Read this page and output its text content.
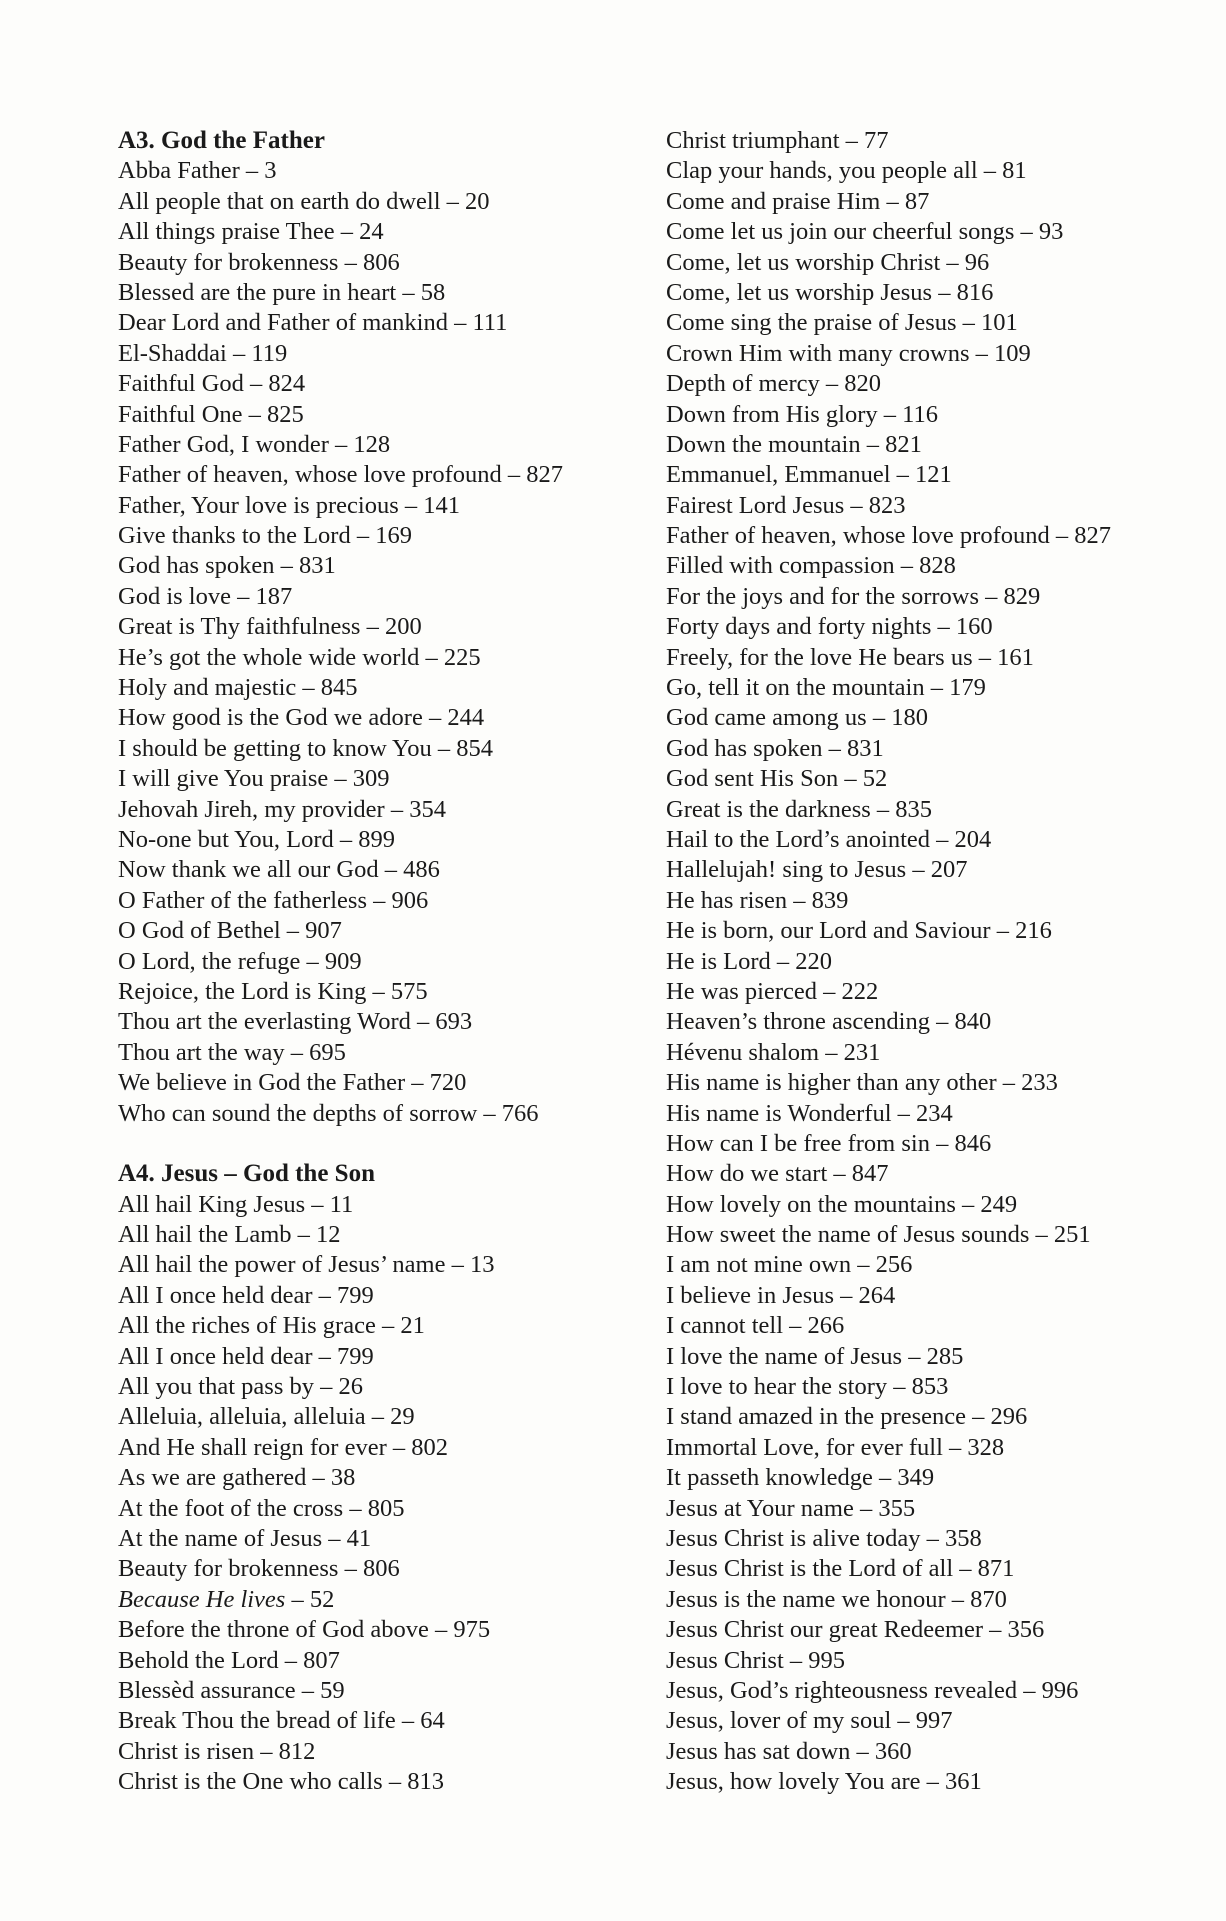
A3. God the Father
Abba Father – 3
All people that on earth do dwell – 20
All things praise Thee – 24
Beauty for brokenness – 806
Blessed are the pure in heart – 58
Dear Lord and Father of mankind – 111
El-Shaddai – 119
Faithful God – 824
Faithful One – 825
Father God, I wonder – 128
Father of heaven, whose love profound – 827
Father, Your love is precious – 141
Give thanks to the Lord – 169
God has spoken – 831
God is love – 187
Great is Thy faithfulness – 200
He’s got the whole wide world – 225
Holy and majestic – 845
How good is the God we adore – 244
I should be getting to know You – 854
I will give You praise – 309
Jehovah Jireh, my provider – 354
No-one but You, Lord – 899
Now thank we all our God – 486
O Father of the fatherless – 906
O God of Bethel – 907
O Lord, the refuge – 909
Rejoice, the Lord is King – 575
Thou art the everlasting Word – 693
Thou art the way – 695
We believe in God the Father – 720
Who can sound the depths of sorrow – 766
A4. Jesus – God the Son
All hail King Jesus – 11
All hail the Lamb – 12
All hail the power of Jesus’ name – 13
All I once held dear – 799
All the riches of His grace – 21
All I once held dear – 799
All you that pass by – 26
Alleluia, alleluia, alleluia – 29
And He shall reign for ever – 802
As we are gathered – 38
At the foot of the cross – 805
At the name of Jesus – 41
Beauty for brokenness – 806
Because He lives – 52
Before the throne of God above – 975
Behold the Lord – 807
Blessèd assurance – 59
Break Thou the bread of life – 64
Christ is risen – 812
Christ is the One who calls – 813
Christ triumphant – 77
Clap your hands, you people all – 81
Come and praise Him – 87
Come let us join our cheerful songs – 93
Come, let us worship Christ – 96
Come, let us worship Jesus – 816
Come sing the praise of Jesus – 101
Crown Him with many crowns – 109
Depth of mercy – 820
Down from His glory – 116
Down the mountain – 821
Emmanuel, Emmanuel – 121
Fairest Lord Jesus – 823
Father of heaven, whose love profound – 827
Filled with compassion – 828
For the joys and for the sorrows – 829
Forty days and forty nights – 160
Freely, for the love He bears us – 161
Go, tell it on the mountain – 179
God came among us – 180
God has spoken – 831
God sent His Son – 52
Great is the darkness – 835
Hail to the Lord’s anointed – 204
Hallelujah! sing to Jesus – 207
He has risen – 839
He is born, our Lord and Saviour – 216
He is Lord – 220
He was pierced – 222
Heaven’s throne ascending – 840
Hévenu shalom – 231
His name is higher than any other – 233
His name is Wonderful – 234
How can I be free from sin – 846
How do we start – 847
How lovely on the mountains – 249
How sweet the name of Jesus sounds – 251
I am not mine own – 256
I believe in Jesus – 264
I cannot tell – 266
I love the name of Jesus – 285
I love to hear the story – 853
I stand amazed in the presence – 296
Immortal Love, for ever full – 328
It passeth knowledge – 349
Jesus at Your name – 355
Jesus Christ is alive today – 358
Jesus Christ is the Lord of all – 871
Jesus is the name we honour – 870
Jesus Christ our great Redeemer – 356
Jesus Christ – 995
Jesus, God’s righteousness revealed – 996
Jesus, lover of my soul – 997
Jesus has sat down – 360
Jesus, how lovely You are – 361
